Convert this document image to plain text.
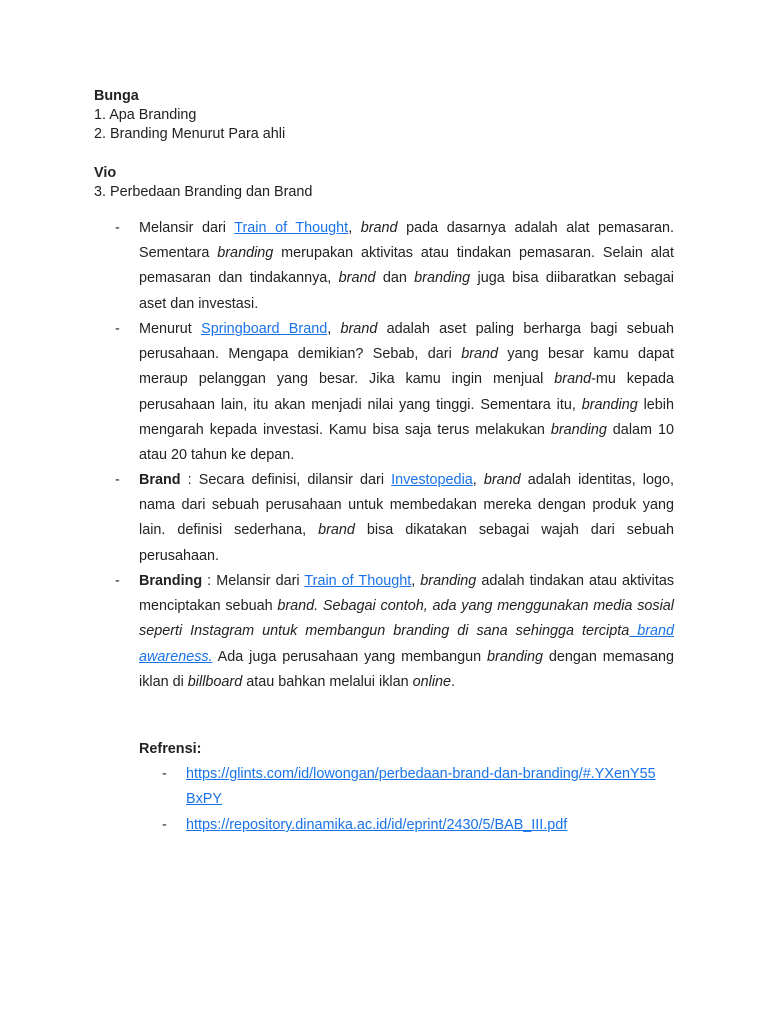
Bunga
1. Apa Branding
2. Branding Menurut Para ahli
Vio
3. Perbedaan Branding dan Brand
- Melansir dari Train of Thought, brand pada dasarnya adalah alat pemasaran. Sementara branding merupakan aktivitas atau tindakan pemasaran. Selain alat pemasaran dan tindakannya, brand dan branding juga bisa diibaratkan sebagai aset dan investasi.
- Menurut Springboard Brand, brand adalah aset paling berharga bagi sebuah perusahaan. Mengapa demikian? Sebab, dari brand yang besar kamu dapat meraup pelanggan yang besar. Jika kamu ingin menjual brand-mu kepada perusahaan lain, itu akan menjadi nilai yang tinggi. Sementara itu, branding lebih mengarah kepada investasi. Kamu bisa saja terus melakukan branding dalam 10 atau 20 tahun ke depan.
- Brand : Secara definisi, dilansir dari Investopedia, brand adalah identitas, logo, nama dari sebuah perusahaan untuk membedakan mereka dengan produk yang lain. definisi sederhana, brand bisa dikatakan sebagai wajah dari sebuah perusahaan.
- Branding : Melansir dari Train of Thought, branding adalah tindakan atau aktivitas menciptakan sebuah brand. Sebagai contoh, ada yang menggunakan media sosial seperti Instagram untuk membangun branding di sana sehingga tercipta brand awareness. Ada juga perusahaan yang membangun branding dengan memasang iklan di billboard atau bahkan melalui iklan online.
Refrensi:
- https://glints.com/id/lowongan/perbedaan-brand-dan-branding/#.YXenY55BxPY
- https://repository.dinamika.ac.id/id/eprint/2430/5/BAB_III.pdf
